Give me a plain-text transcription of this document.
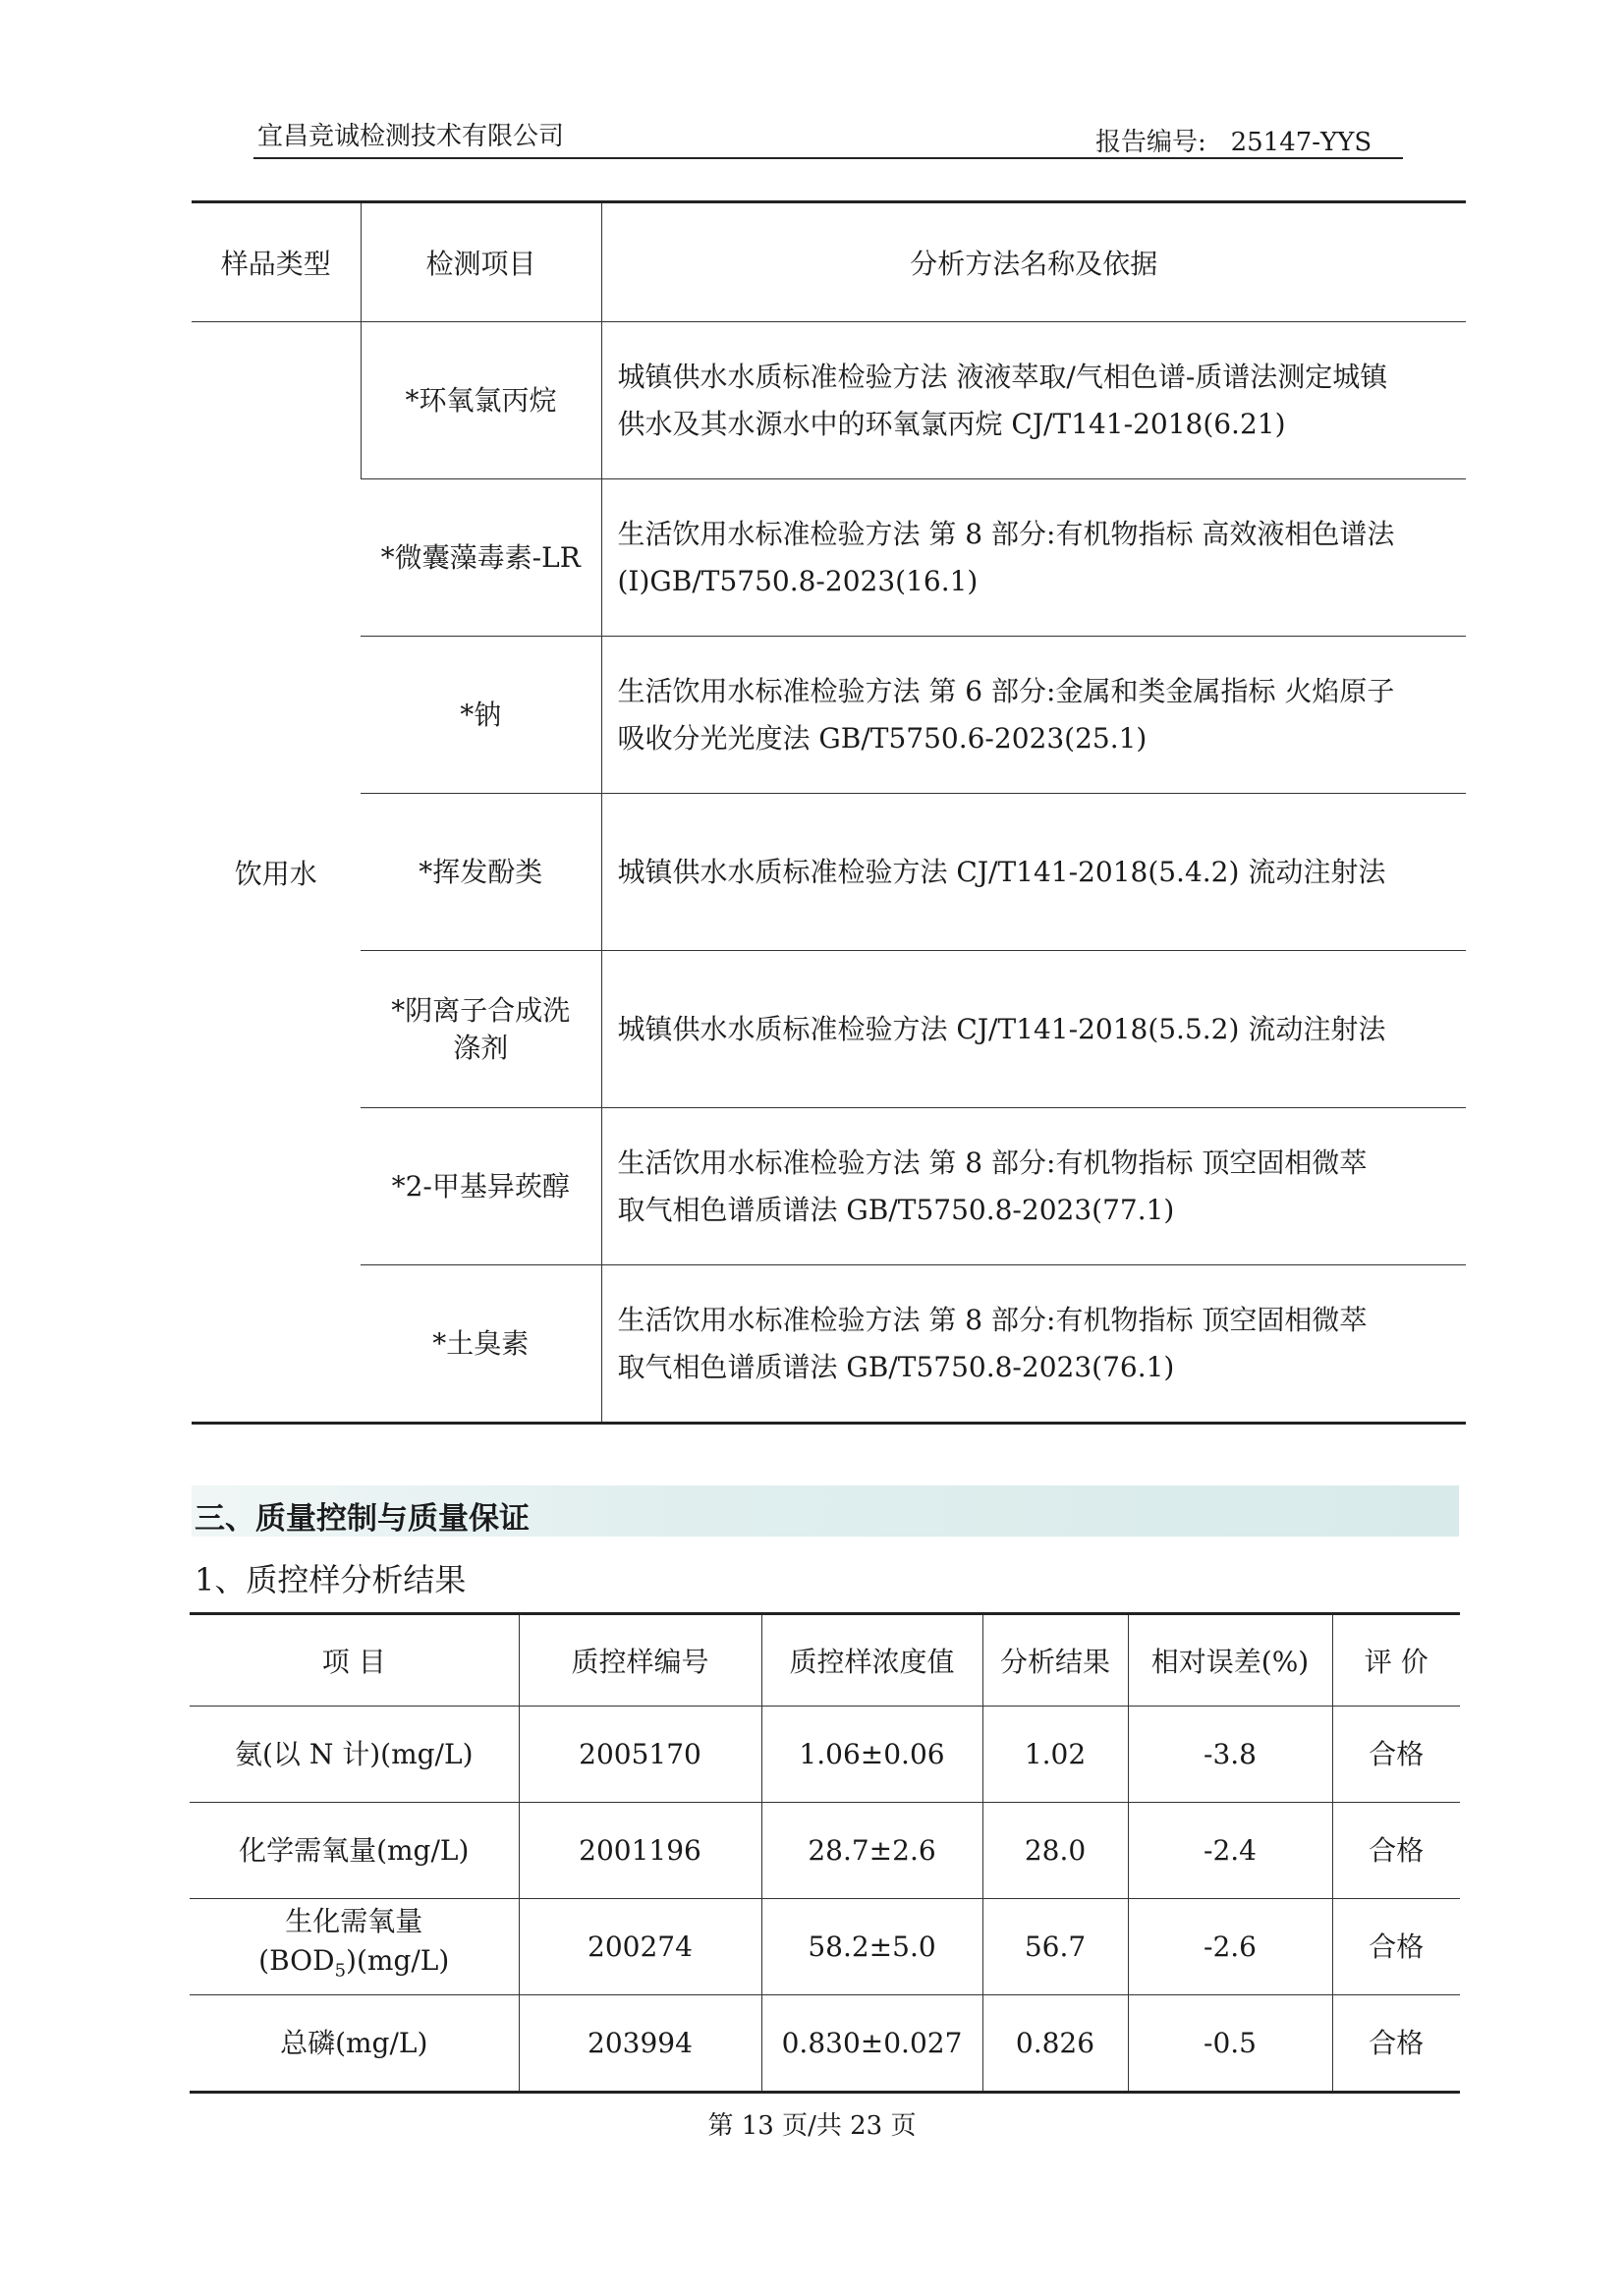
宜昌竞诚检测技术有限公司	报告编号: 25147-YYS
样品类型	检测项目	分析方法名称及依据
饮用水	*环氧氯丙烷	城镇供水水质标准检验方法 液液萃取/气相色谱-质谱法测定城镇
供水及其水源水中的环氧氯丙烷 CJ/T141-2018(6.21)

	*微囊藻毒素-LR	生活饮用水标准检验方法 第 8 部分:有机物指标 高效液相色谱法
(I)GB/T5750.8-2023(16.1)

	*钠	生活饮用水标准检验方法 第 6 部分:金属和类金属指标 火焰原子
吸收分光光度法 GB/T5750.6-2023(25.1)

	*挥发酚类	城镇供水水质标准检验方法 CJ/T141-2018(5.4.2) 流动注射法

	*阴离子合成洗
涤剂	城镇供水水质标准检验方法 CJ/T141-2018(5.5.2) 流动注射法

	*2-甲基异莰醇	生活饮用水标准检验方法 第 8 部分:有机物指标 顶空固相微萃
取气相色谱质谱法 GB/T5750.8-2023(77.1)

	*土臭素	生活饮用水标准检验方法 第 8 部分:有机物指标 顶空固相微萃
取气相色谱质谱法 GB/T5750.8-2023(76.1)
三、质量控制与质量保证
1、质控样分析结果
项 目	质控样编号	质控样浓度值	分析结果	相对误差(%)	评 价
氨(以 N 计)(mg/L)	2005170	1.06±0.06	1.02	-3.8	合格
化学需氧量(mg/L)	2001196	28.7±2.6	28.0	-2.4	合格

生化需氧量
$(BOD_5)(mg/L)$	200274	58.2±5.0	56.7	-2.6	合格
总磷(mg/L)	203994	0.830±0.027	0.826	-0.5	合格
第 13 页/共 23 页
